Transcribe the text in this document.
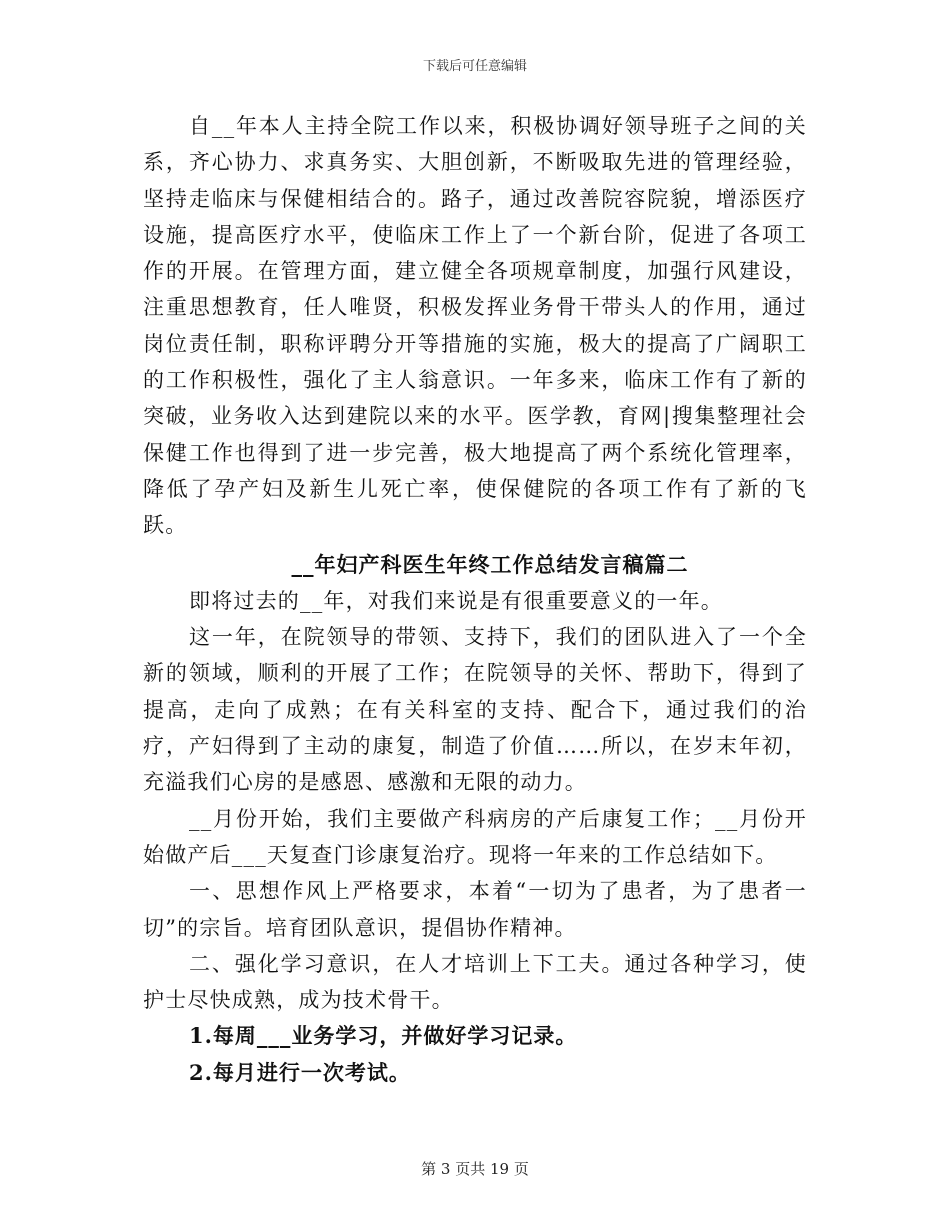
下载后可任意编辑

自__年本人主持全院工作以来，积极协调好领导班子之间的关系，齐心协力、求真务实、大胆创新，不断吸取先进的管理经验，坚持走临床与保健相结合的。路子，通过改善院容院貌，增添医疗设施，提高医疗水平，使临床工作上了一个新台阶，促进了各项工作的开展。在管理方面，建立健全各项规章制度，加强行风建设，注重思想教育，任人唯贤，积极发挥业务骨干带头人的作用，通过岗位责任制，职称评聘分开等措施的实施，极大的提高了广阔职工的工作积极性，强化了主人翁意识。一年多来，临床工作有了新的突破，业务收入达到建院以来的水平。医学教，育网|搜集整理社会保健工作也得到了进一步完善，极大地提高了两个系统化管理率，降低了孕产妇及新生儿死亡率，使保健院的各项工作有了新的飞跃。

__年妇产科医生年终工作总结发言稿篇二

即将过去的__年，对我们来说是有很重要意义的一年。

这一年，在院领导的带领、支持下，我们的团队进入了一个全新的领域，顺利的开展了工作；在院领导的关怀、帮助下，得到了提高，走向了成熟；在有关科室的支持、配合下，通过我们的治疗，产妇得到了主动的康复，制造了价值……所以，在岁末年初，充溢我们心房的是感恩、感激和无限的动力。

__月份开始，我们主要做产科病房的产后康复工作；__月份开始做产后___天复查门诊康复治疗。现将一年来的工作总结如下。

一、思想作风上严格要求，本着“一切为了患者，为了患者一切”的宗旨。培育团队意识，提倡协作精神。

二、强化学习意识，在人才培训上下工夫。通过各种学习，使护士尽快成熟，成为技术骨干。

1.每周___业务学习，并做好学习记录。

2.每月进行一次考试。

第 3 页共 19 页
